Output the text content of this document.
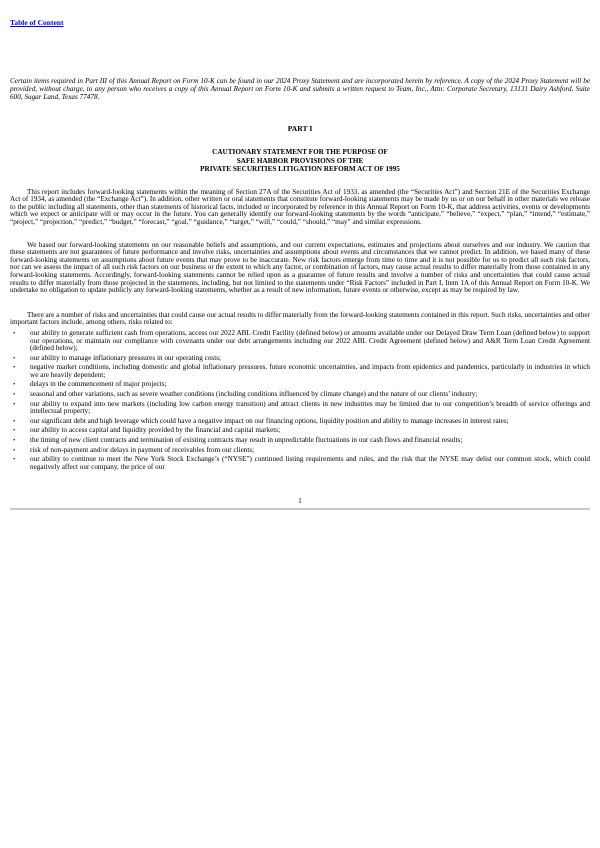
Table of Content

Certain items required in Part III of this Annual Report on Form 10-K can be found in our 2024 Proxy Statement and are incorporated herein by reference. A copy of the 2024 Proxy Statement will be provided, without charge, to any person who receives a copy of this Annual Report on Form 10-K and submits a written request to Team, Inc., Attn: Corporate Secretary, 13131 Dairy Ashford, Suite 600, Sugar Land, Texas 77478.

PART I
CAUTIONARY STATEMENT FOR THE PURPOSE OF
SAFE HARBOR PROVISIONS OF THE
PRIVATE SECURITIES LITIGATION REFORM ACT OF 1995

This report includes forward-looking statements within the meaning of Section 27A of the Securities Act of 1933, as amended (the “Securities Act”) and Section 21E of the Securities Exchange Act of 1934, as amended (the “Exchange Act”). In addition, other written or oral statements that constitute forward-looking statements may be made by us or on our behalf in other materials we release to the public including all statements, other than statements of historical facts, included or incorporated by reference in this Annual Report on Form 10-K, that address activities, events or developments which we expect or anticipate will or may occur in the future. You can generally identify our forward-looking statements by the words “anticipate,” “believe,” “expect,” “plan,” “intend,” “estimate,” “project,” “projection,” “predict,” “budget,” “forecast,” “goal,” “guidance,” “target,” “will,” “could,” “should,” “may” and similar expressions.

We based our forward-looking statements on our reasonable beliefs and assumptions, and our current expectations, estimates and projections about ourselves and our industry. We caution that these statements are not guarantees of future performance and involve risks, uncertainties and assumptions about events and circumstances that we cannot predict. In addition, we based many of these forward-looking statements on assumptions about future events that may prove to be inaccurate. New risk factors emerge from time to time and it is not possible for us to predict all such risk factors, nor can we assess the impact of all such risk factors on our business or the extent to which any factor, or combination of factors, may cause actual results to differ materially from those contained in any forward-looking statements. Accordingly, forward-looking statements cannot be relied upon as a guarantee of future results and involve a number of risks and uncertainties that could cause actual results to differ materially from those projected in the statements, including, but not limited to the statements under “Risk Factors” included in Part I, Item 1A of this Annual Report on Form 10-K. We undertake no obligation to update publicly any forward-looking statements, whether as a result of new information, future events or otherwise, except as may be required by law.

There are a number of risks and uncertainties that could cause our actual results to differ materially from the forward-looking statements contained in this report. Such risks, uncertainties and other important factors include, among others, risks related to:

•	our ability to generate sufficient cash from operations, access our 2022 ABL Credit Facility (defined below) or amounts available under our Delayed Draw Term Loan (defined below) to support our operations, or maintain our compliance with covenants under our debt arrangements including our 2022 ABL Credit Agreement (defined below) and A&R Term Loan Credit Agreement (defined below);
•	our ability to manage inflationary pressures in our operating costs;
•	negative market conditions, including domestic and global inflationary pressures, future economic uncertainties, and impacts from epidemics and pandemics, particularly in industries in which we are heavily dependent;
•	delays in the commencement of major projects;
•	seasonal and other variations, such as severe weather conditions (including conditions influenced by climate change) and the nature of our clients’ industry;
•	our ability to expand into new markets (including low carbon energy transition) and attract clients in new industries may be limited due to our competition’s breadth of service offerings and intellectual property;
•	our significant debt and high leverage which could have a negative impact on our financing options, liquidity position and ability to manage increases in interest rates;
•	our ability to access capital and liquidity provided by the financial and capital markets;
•	the timing of new client contracts and termination of existing contracts may result in unpredictable fluctuations in our cash flows and financial results;
•	risk of non-payment and/or delays in payment of receivables from our clients;
•	our ability to continue to meet the New York Stock Exchange’s (“NYSE”) continued listing requirements and rules, and the risk that the NYSE may delist our common stock, which could negatively affect our company, the price of our
1
